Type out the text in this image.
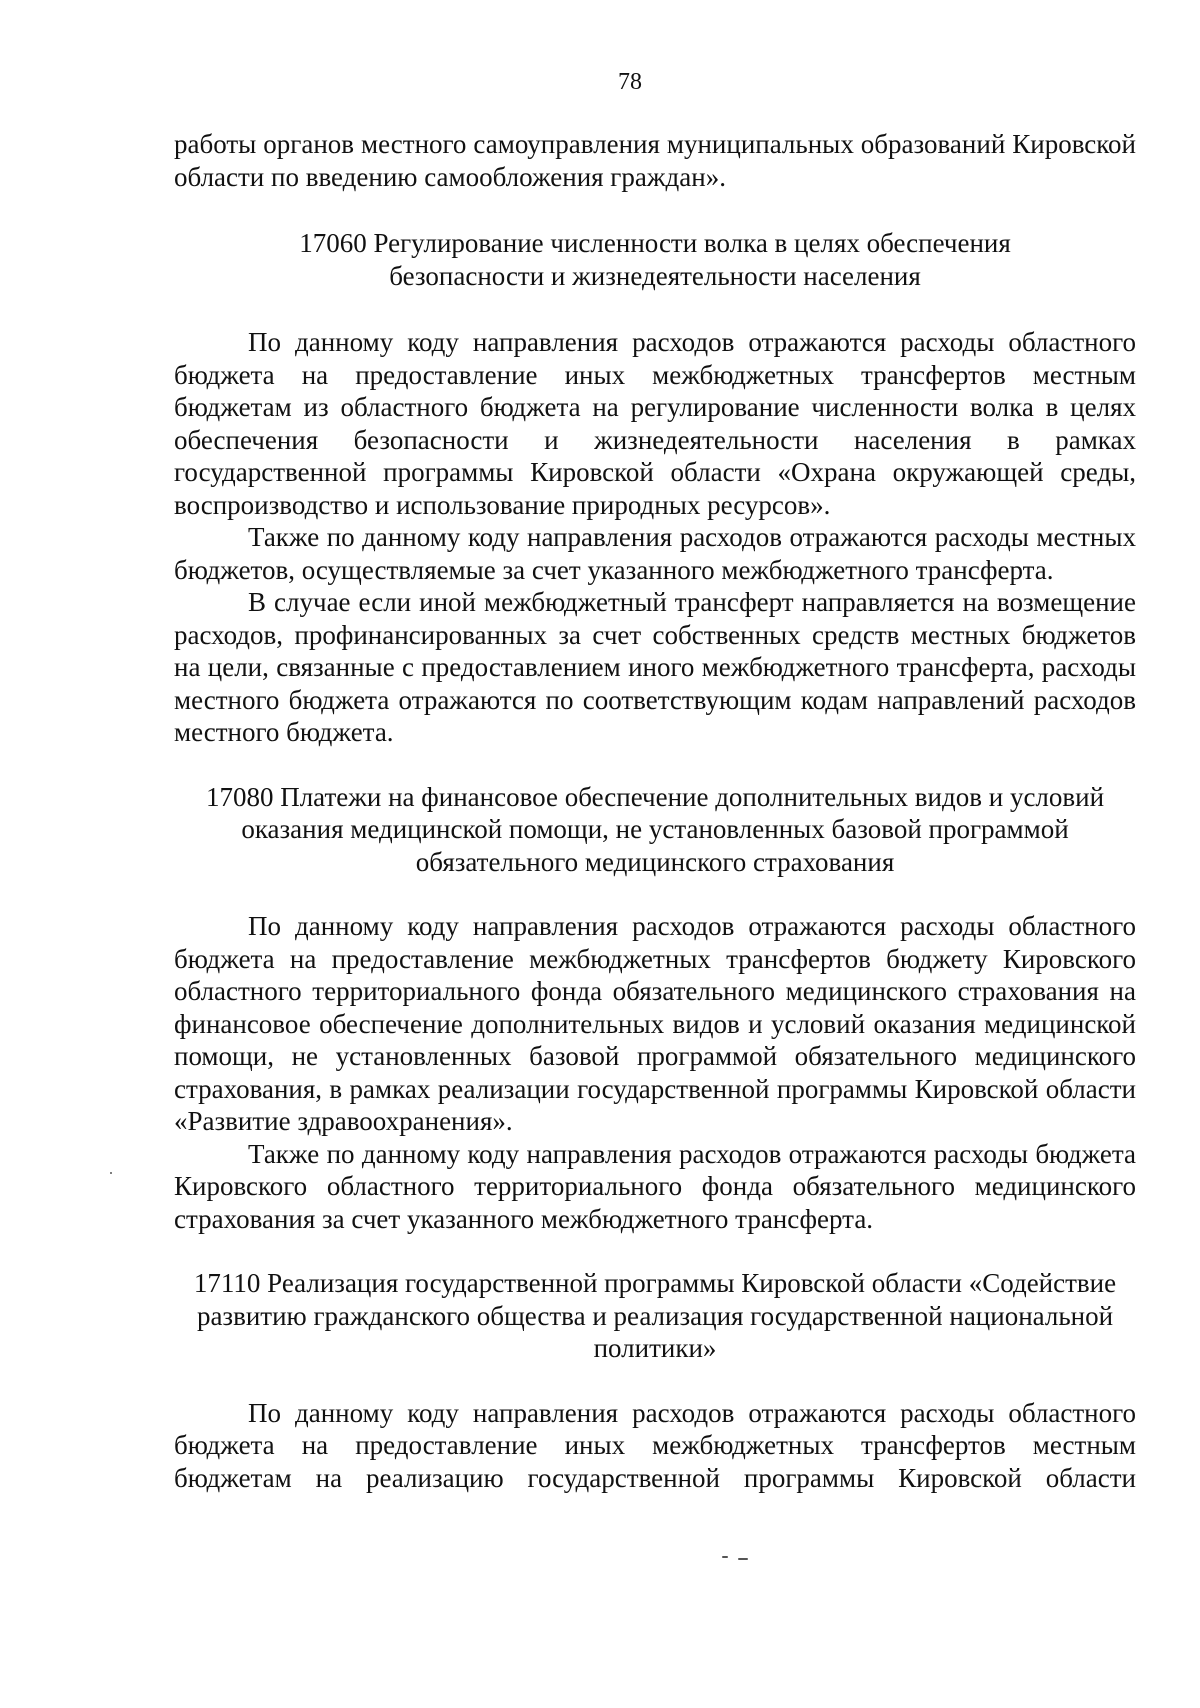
78

работы органов местного самоуправления муниципальных образований Кировской области по введению самообложения граждан».

17060 Регулирование численности волка в целях обеспечения безопасности и жизнедеятельности населения

По данному коду направления расходов отражаются расходы областного бюджета на предоставление иных межбюджетных трансфертов местным бюджетам из областного бюджета на регулирование численности волка в целях обеспечения безопасности и жизнедеятельности населения в рамках государственной программы Кировской области «Охрана окружающей среды, воспроизводство и использование природных ресурсов».

Также по данному коду направления расходов отражаются расходы местных бюджетов, осуществляемые за счет указанного межбюджетного трансферта.

В случае если иной межбюджетный трансферт направляется на возмещение расходов, профинансированных за счет собственных средств местных бюджетов на цели, связанные с предоставлением иного межбюджетного трансферта, расходы местного бюджета отражаются по соответствующим кодам направлений расходов местного бюджета.

17080 Платежи на финансовое обеспечение дополнительных видов и условий оказания медицинской помощи, не установленных базовой программой обязательного медицинского страхования

По данному коду направления расходов отражаются расходы областного бюджета на предоставление межбюджетных трансфертов бюджету Кировского областного территориального фонда обязательного медицинского страхования на финансовое обеспечение дополнительных видов и условий оказания медицинской помощи, не установленных базовой программой обязательного медицинского страхования, в рамках реализации государственной программы Кировской области «Развитие здравоохранения».

Также по данному коду направления расходов отражаются расходы бюджета Кировского областного территориального фонда обязательного медицинского страхования за счет указанного межбюджетного трансферта.

17110 Реализация государственной программы Кировской области «Содействие развитию гражданского общества и реализация государственной национальной политики»

По данному коду направления расходов отражаются расходы областного бюджета на предоставление иных межбюджетных трансфертов местным бюджетам на реализацию государственной программы Кировской области
